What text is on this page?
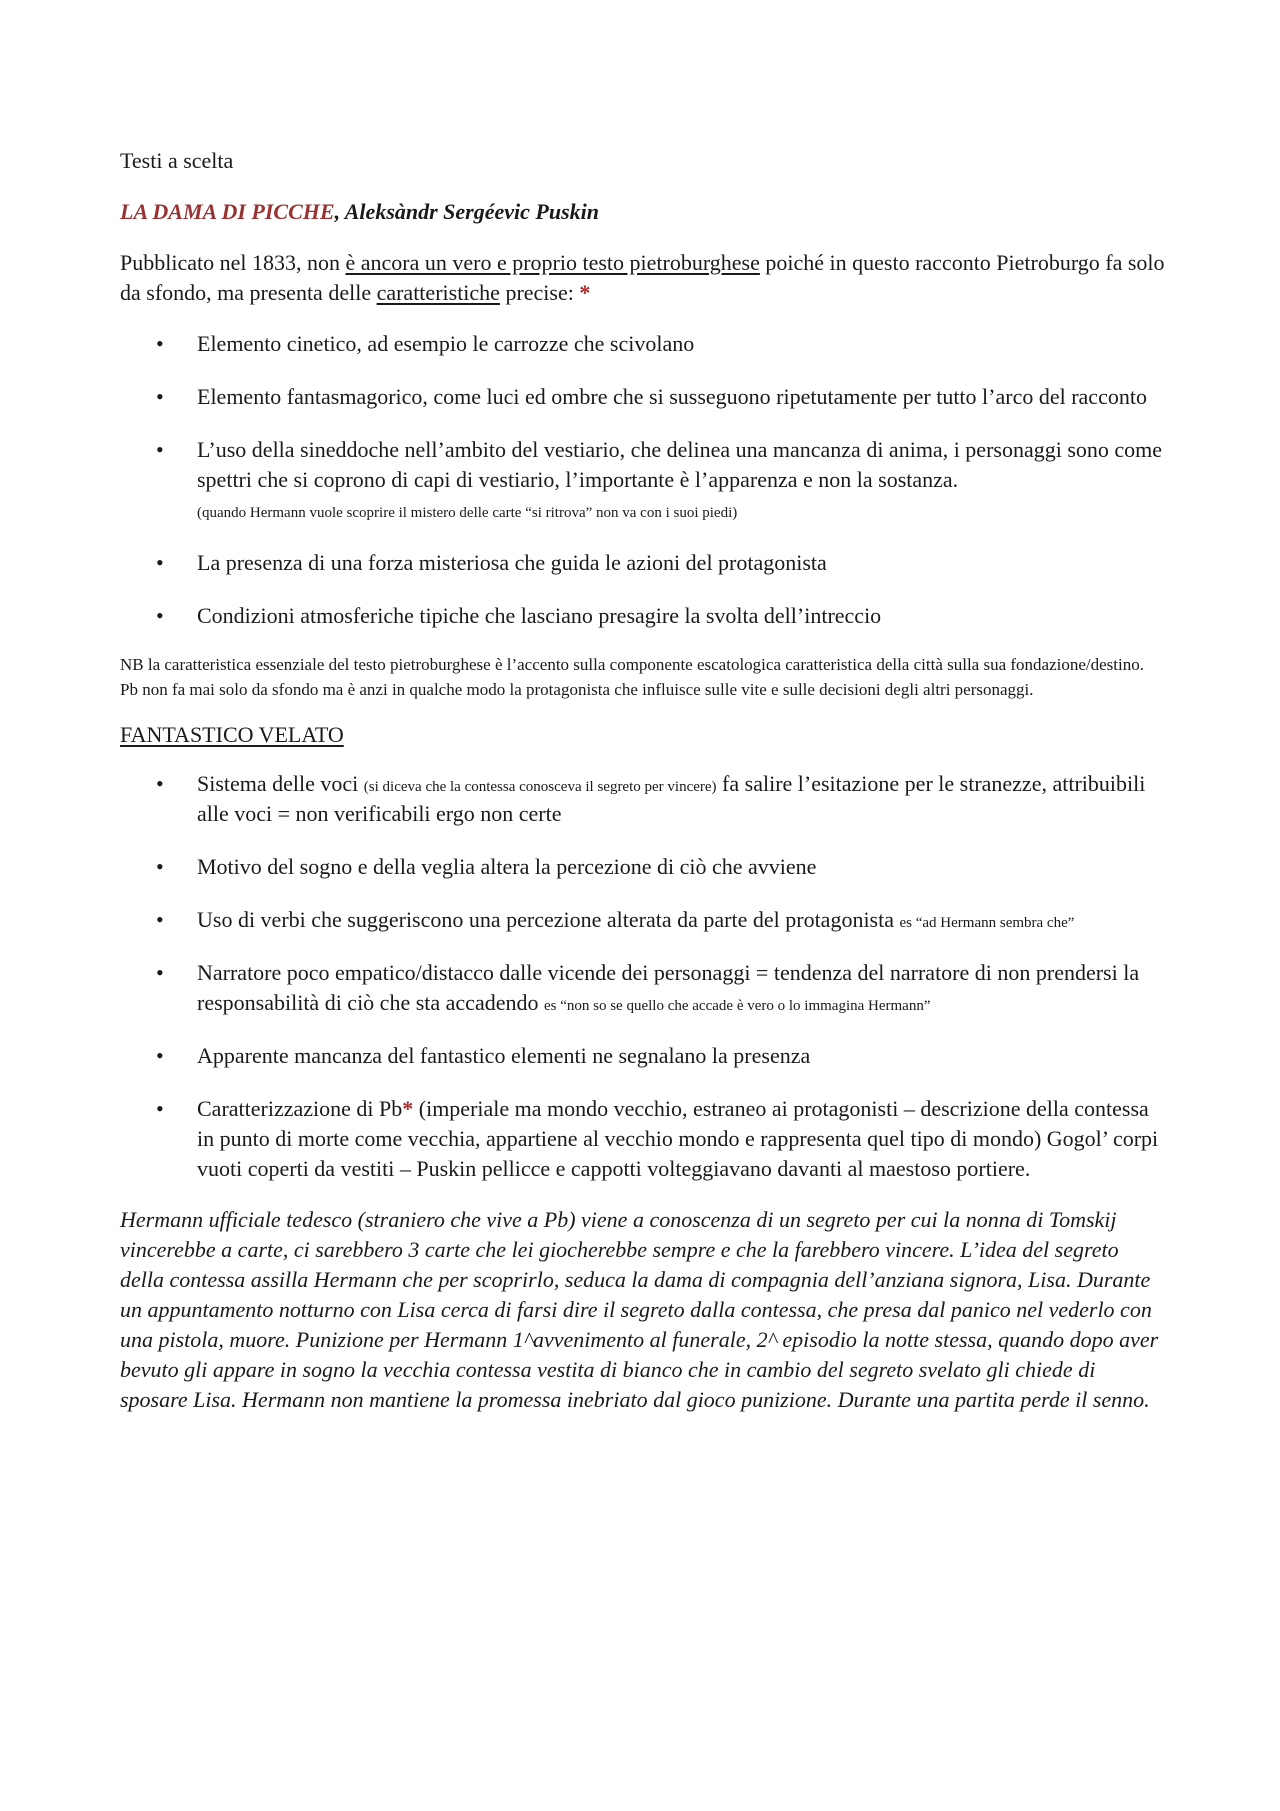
Testi a scelta

LA DAMA DI PICCHE, Aleksàndr Sergéevic Puskin

Pubblicato nel 1833, non è ancora un vero e proprio testo pietroburghese poiché in questo racconto Pietroburgo fa solo da sfondo, ma presenta delle caratteristiche precise: *

• Elemento cinetico, ad esempio le carrozze che scivolano
• Elemento fantasmagorico, come luci ed ombre che si susseguono ripetutamente per tutto l’arco del racconto
• L’uso della sineddoche nell’ambito del vestiario, che delinea una mancanza di anima, i personaggi sono come spettri che si coprono di capi di vestiario, l’importante è l’apparenza e non la sostanza.
(quando Hermann vuole scoprire il mistero delle carte “si ritrova” non va con i suoi piedi)
• La presenza di una forza misteriosa che guida le azioni del protagonista
• Condizioni atmosferiche tipiche che lasciano presagire la svolta dell’intreccio

NB la caratteristica essenziale del testo pietroburghese è l’accento sulla componente escatologica caratteristica della città sulla sua fondazione/destino. Pb non fa mai solo da sfondo ma è anzi in qualche modo la protagonista che influisce sulle vite e sulle decisioni degli altri personaggi.

FANTASTICO VELATO

• Sistema delle voci (si diceva che la contessa conosceva il segreto per vincere) fa salire l’esitazione per le stranezze, attribuibili alle voci = non verificabili ergo non certe
• Motivo del sogno e della veglia altera la percezione di ciò che avviene
• Uso di verbi che suggeriscono una percezione alterata da parte del protagonista es “ad Hermann sembra che”
• Narratore poco empatico/distacco dalle vicende dei personaggi = tendenza del narratore di non prendersi la responsabilità di ciò che sta accadendo es “non so se quello che accade è vero o lo immagina Hermann”
• Apparente mancanza del fantastico elementi ne segnalano la presenza
• Caratterizzazione di Pb* (imperiale ma mondo vecchio, estraneo ai protagonisti – descrizione della contessa in punto di morte come vecchia, appartiene al vecchio mondo e rappresenta quel tipo di mondo) Gogol’ corpi vuoti coperti da vestiti – Puskin pellicce e cappotti volteggiavano davanti al maestoso portiere.

Hermann ufficiale tedesco (straniero che vive a Pb) viene a conoscenza di un segreto per cui la nonna di Tomskij vincerebbe a carte, ci sarebbero 3 carte che lei giocherebbe sempre e che la farebbero vincere. L’idea del segreto della contessa assilla Hermann che per scoprirlo, seduca la dama di compagnia dell’anziana signora, Lisa. Durante un appuntamento notturno con Lisa cerca di farsi dire il segreto dalla contessa, che presa dal panico nel vederlo con una pistola, muore. Punizione per Hermann 1^avvenimento al funerale, 2^ episodio la notte stessa, quando dopo aver bevuto gli appare in sogno la vecchia contessa vestita di bianco che in cambio del segreto svelato gli chiede di sposare Lisa. Hermann non mantiene la promessa inebriato dal gioco punizione. Durante una partita perde il senno.
